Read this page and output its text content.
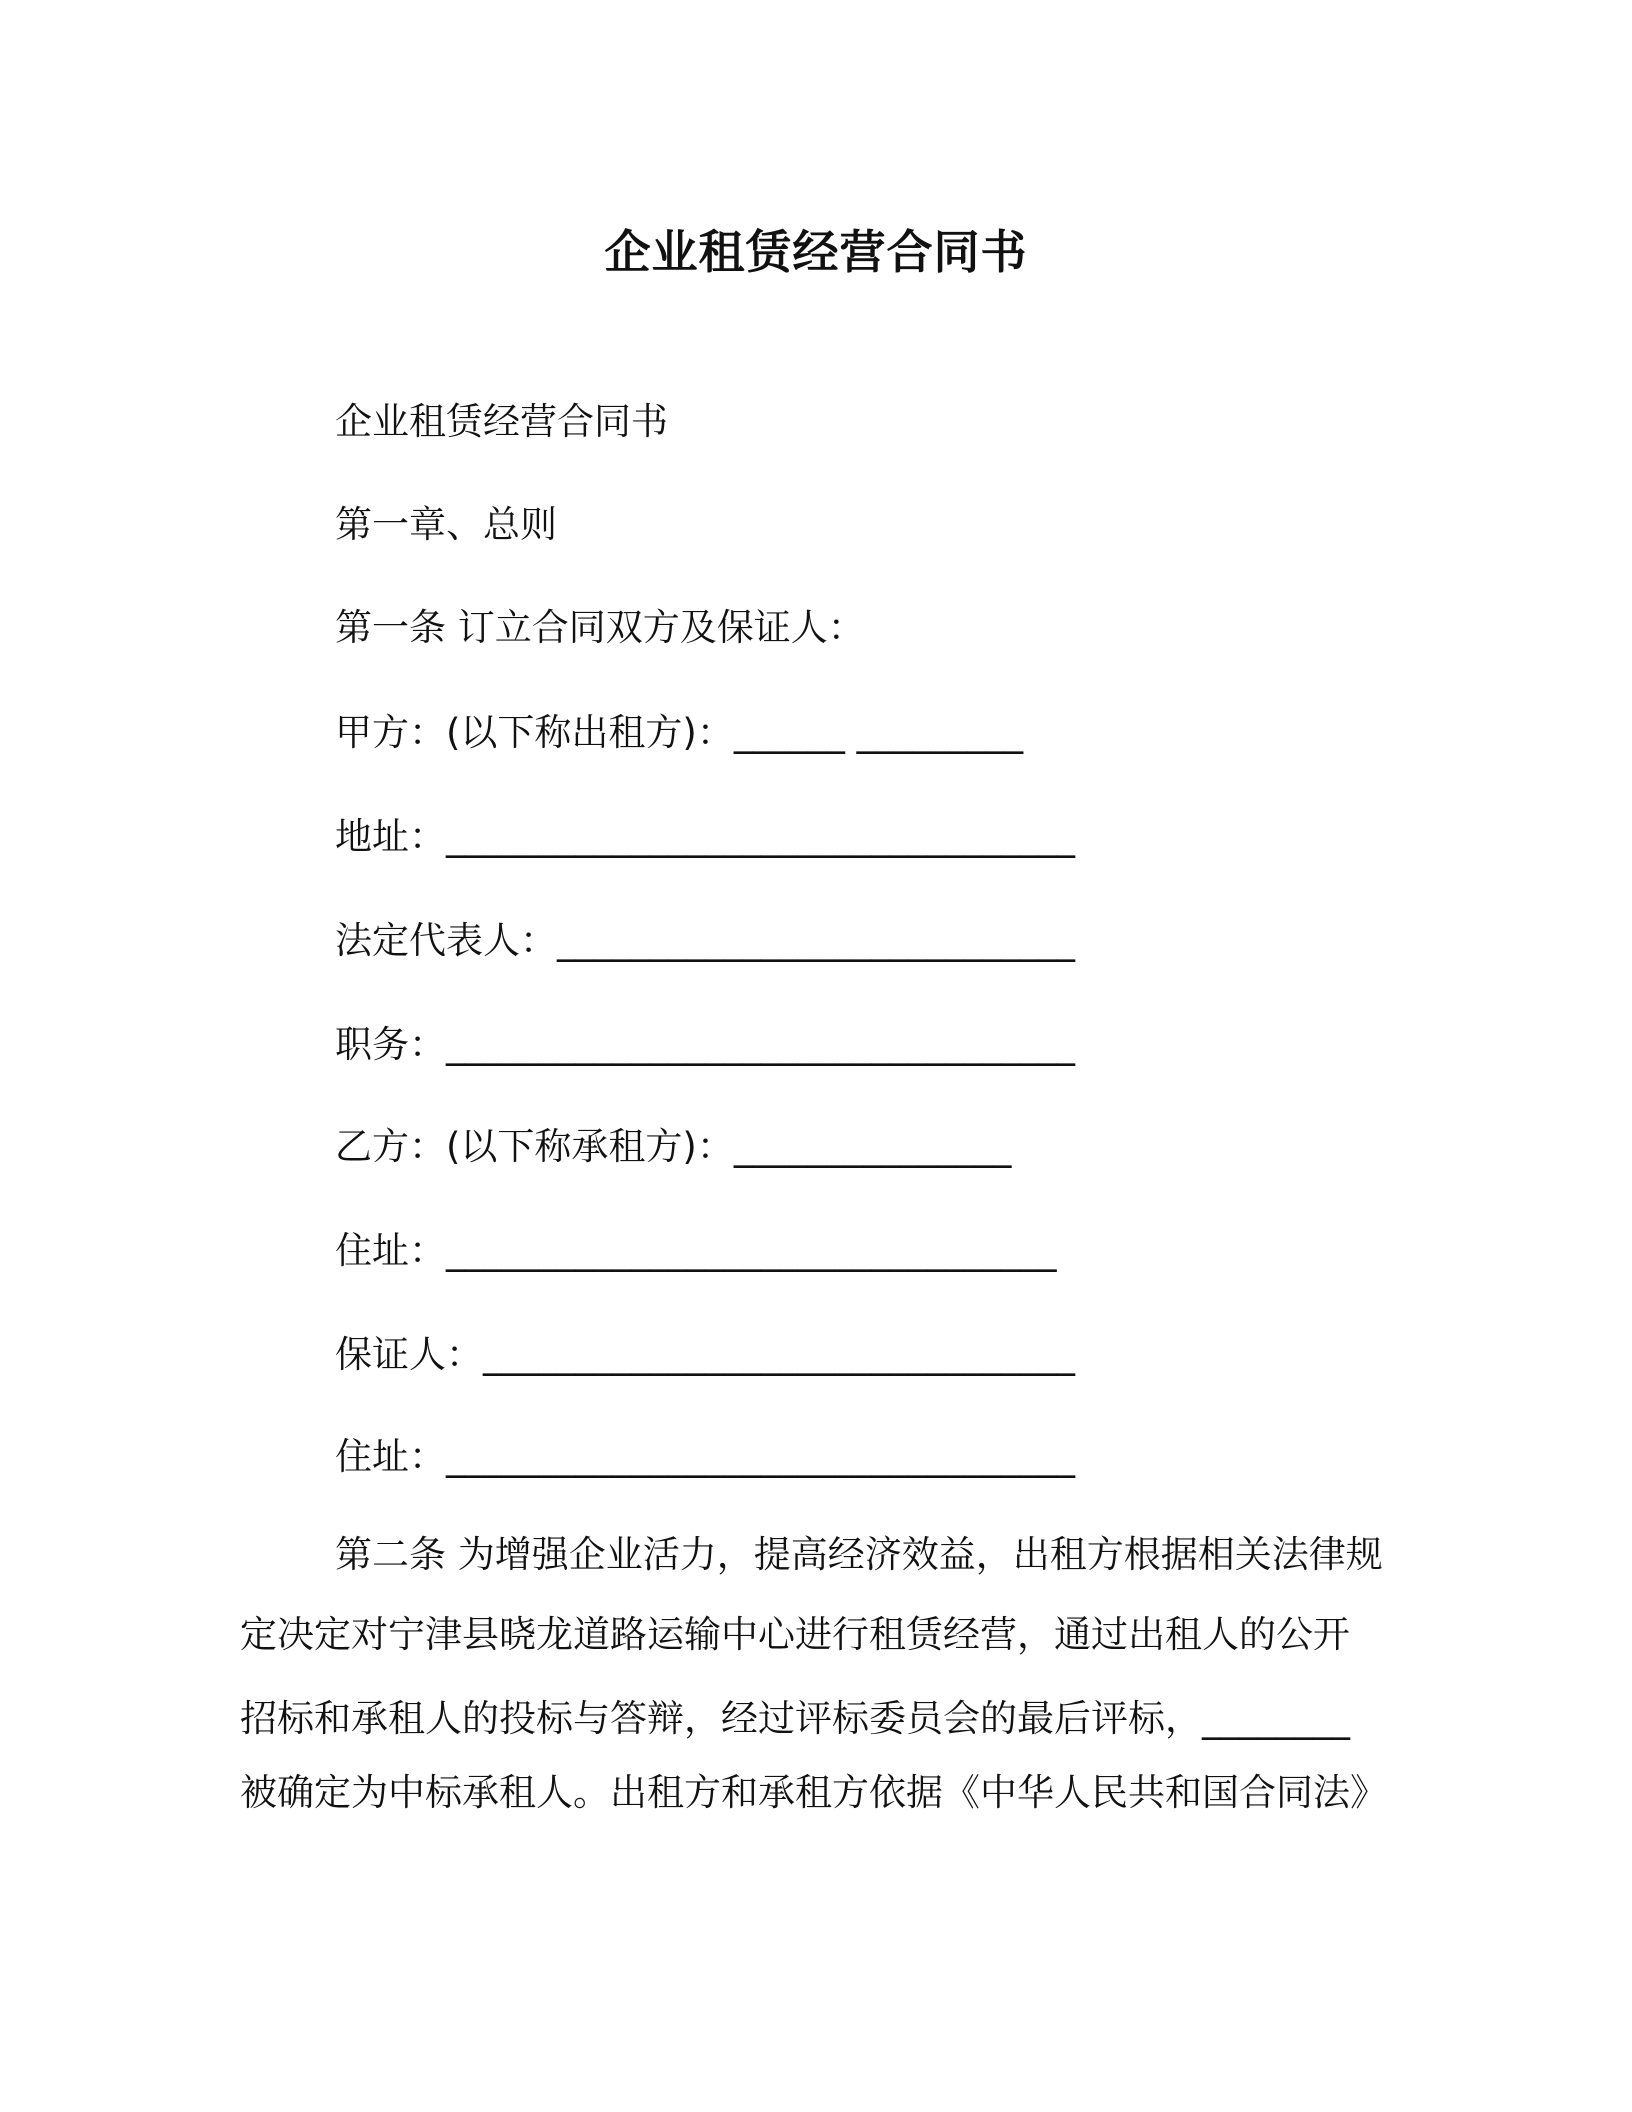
企业租赁经营合同书
企业租赁经营合同书
第一章、总则
第一条 订立合同双方及保证人：
甲方：(以下称出租方)：______ _________
地址：__________________________________
法定代表人：____________________________
职务：__________________________________
乙方：(以下称承租方)：_______________
住址：_________________________________
保证人：________________________________
住址：__________________________________
第二条 为增强企业活力，提高经济效益，出租方根据相关法律规
定决定对宁津县晓龙道路运输中心进行租赁经营，通过出租人的公开
招标和承租人的投标与答辩，经过评标委员会的最后评标，________
被确定为中标承租人。出租方和承租方依据《中华人民共和国合同法》
